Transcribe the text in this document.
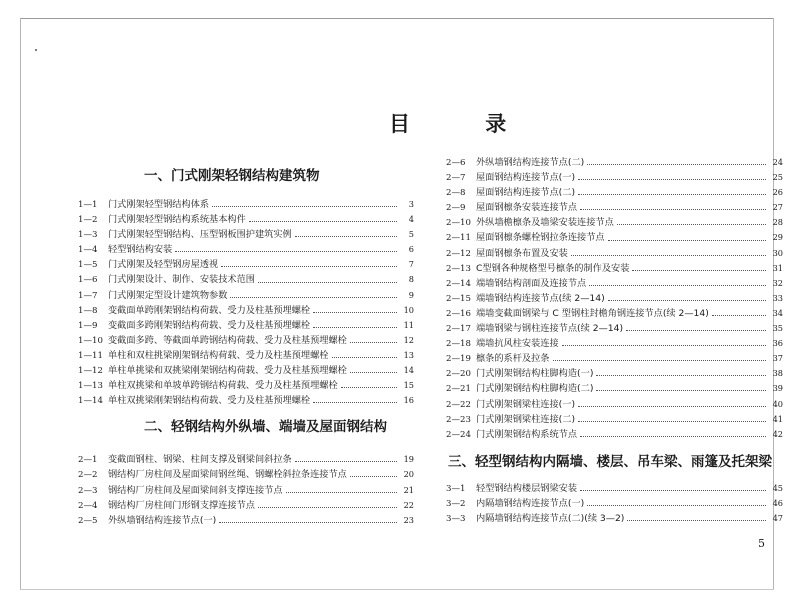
目 录
一、门式刚架轻钢结构建筑物
1—1	门式刚架轻型钢结构体系	3
1—2	门式刚架轻型钢结构系统基本构件	4
1—3	门式刚架轻型钢结构、压型钢板围护建筑实例	5
1—4	轻型钢结构安装	6
1—5	门式刚架及轻型钢房屋透视	7
1—6	门式刚架设计、制作、安装技术范围	8
1—7	门式刚架定型设计建筑物参数	9
1—8	变截面单跨刚架钢结构荷载、受力及柱基预埋螺栓	10
1—9	变截面多跨刚架钢结构荷载、受力及柱基预埋螺栓	11
1—10 变截面多跨、等截面单跨钢结构荷载、受力及柱基预埋螺栓	12
1—11 单柱和双柱挑梁刚架钢结构荷载、受力及柱基预埋螺栓	13
1—12 单柱单挑梁和双挑梁刚架钢结构荷载、受力及柱基预埋螺栓	14
1—13 单柱双挑梁和单坡单跨钢结构荷载、受力及柱基预埋螺栓	15
1—14 单柱双挑梁刚架钢结构荷载、受力及柱基预埋螺栓	16
二、轻钢结构外纵墙、端墙及屋面钢结构
2—1	变截面钢柱、钢梁、柱间支撑及钢梁间斜拉条	19
2—2	钢结构厂房柱间及屋面梁间钢丝绳、钢螺栓斜拉条连接节点	20
2—3	钢结构厂房柱间及屋面梁间斜支撑连接节点	21
2—4	钢结构厂房柱间门形钢支撑连接节点	22
2—5	外纵墙钢结构连接节点(一)	23
2—6	外纵墙钢结构连接节点(二)	24
2—7	屋面钢结构连接节点(一)	25
2—8	屋面钢结构连接节点(二)	26
2—9	屋面钢檩条安装连接节点	27
2—10 外纵墙檐檩条及墙梁安装连接节点	28
2—11 屋面钢檩条螺栓钢拉条连接节点	29
2—12 屋面钢檩条布置及安装	30
2—13 C型钢各种规格型号檩条的制作及安装	31
2—14 端墙钢结构剖面及连接节点	32
2—15 端墙钢结构连接节点(续 2—14)	33
2—16 端墙变截面钢梁与 C 型钢柱封檐角钢连接节点(续 2—14)	34
2—17 端墙钢梁与钢柱连接节点(续 2—14)	35
2—18 端墙抗风柱安装连接	36
2—19 檩条的系杆及拉条	37
2—20 门式刚架钢结构柱脚构造(一)	38
2—21 门式刚架钢结构柱脚构造(二)	39
2—22 门式刚架钢梁柱连接(一)	40
2—23 门式刚架钢梁柱连接(二)	41
2—24 门式刚架钢结构系统节点	42
三、轻型钢结构内隔墙、楼层、吊车梁、雨篷及托架梁
3—1	轻型钢结构楼层钢梁安装	45
3—2	内隔墙钢结构连接节点(一)	46
3—3	内隔墙钢结构连接节点(二)(续 3—2)	47
5
